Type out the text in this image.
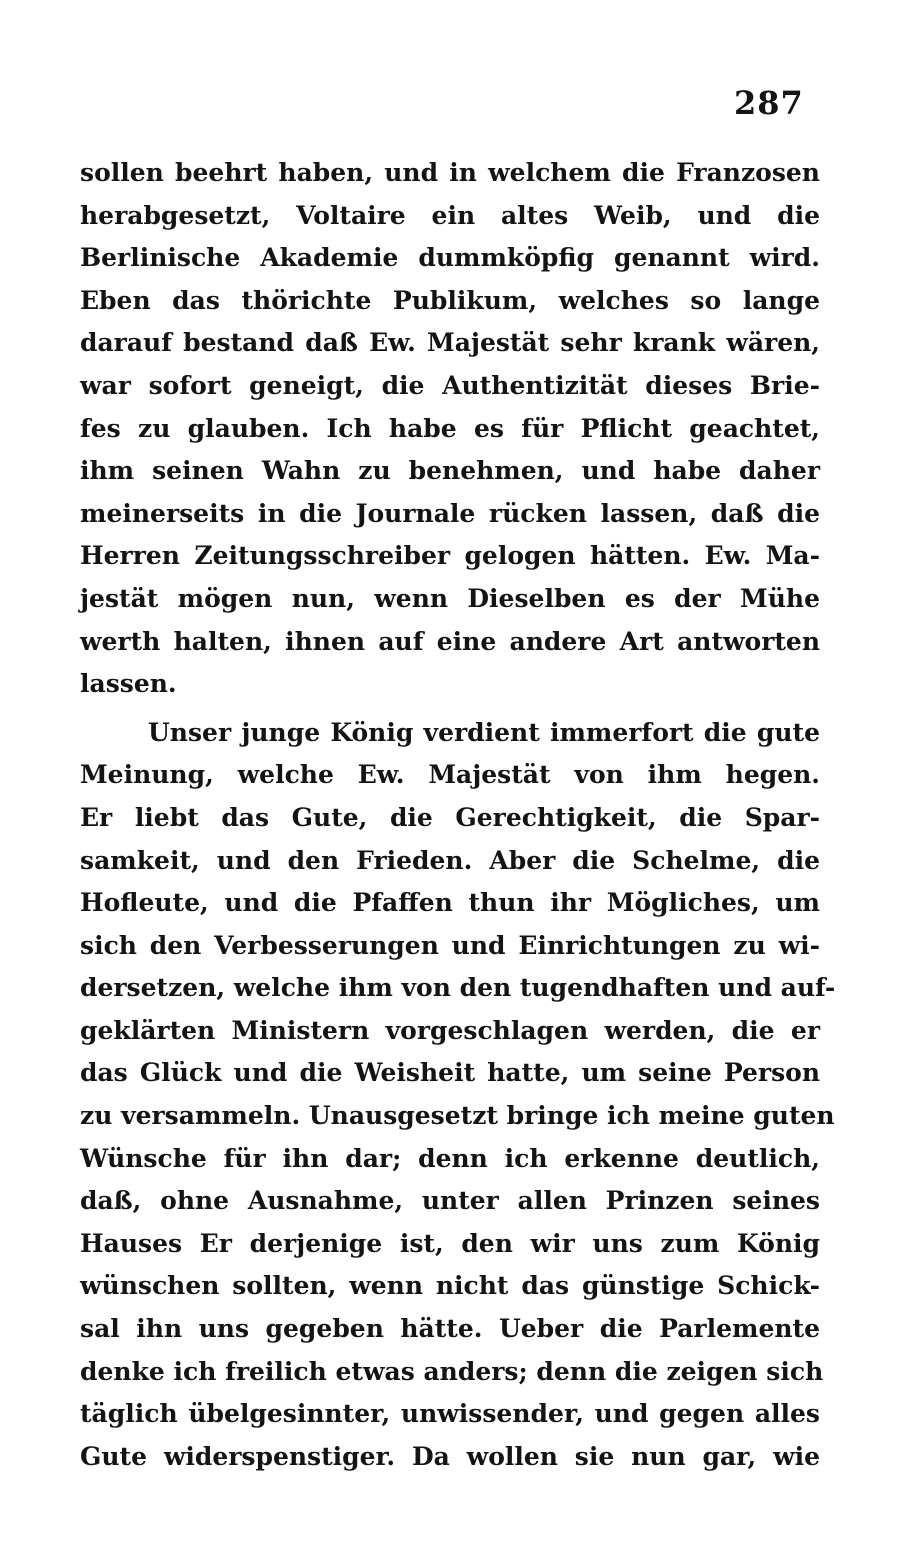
287
sollen beehrt haben, und in welchem die Franzosen
herabgesetzt, Voltaire ein altes Weib, und die
Berlinische Akademie dummköpfig genannt wird.
Eben das thörichte Publikum, welches so lange
darauf bestand daß Ew. Majestät sehr krank wären,
war sofort geneigt, die Authentizität dieses Brie-
fes zu glauben. Ich habe es für Pflicht geachtet,
ihm seinen Wahn zu benehmen, und habe daher
meinerseits in die Journale rücken lassen, daß die
Herren Zeitungsschreiber gelogen hätten. Ew. Ma-
jestät mögen nun, wenn Dieselben es der Mühe
werth halten, ihnen auf eine andere Art antworten
lassen.
Unser junge König verdient immerfort die gute
Meinung, welche Ew. Majestät von ihm hegen.
Er liebt das Gute, die Gerechtigkeit, die Spar-
samkeit, und den Frieden. Aber die Schelme, die
Hofleute, und die Pfaffen thun ihr Mögliches, um
sich den Verbesserungen und Einrichtungen zu wi-
dersetzen, welche ihm von den tugendhaften und auf-
geklärten Ministern vorgeschlagen werden, die er
das Glück und die Weisheit hatte, um seine Person
zu versammeln. Unausgesetzt bringe ich meine guten
Wünsche für ihn dar; denn ich erkenne deutlich,
daß, ohne Ausnahme, unter allen Prinzen seines
Hauses Er derjenige ist, den wir uns zum König
wünschen sollten, wenn nicht das günstige Schick-
sal ihn uns gegeben hätte. Ueber die Parlemente
denke ich freilich etwas anders; denn die zeigen sich
täglich übelgesinnter, unwissender, und gegen alles
Gute widerspenstiger. Da wollen sie nun gar, wie
